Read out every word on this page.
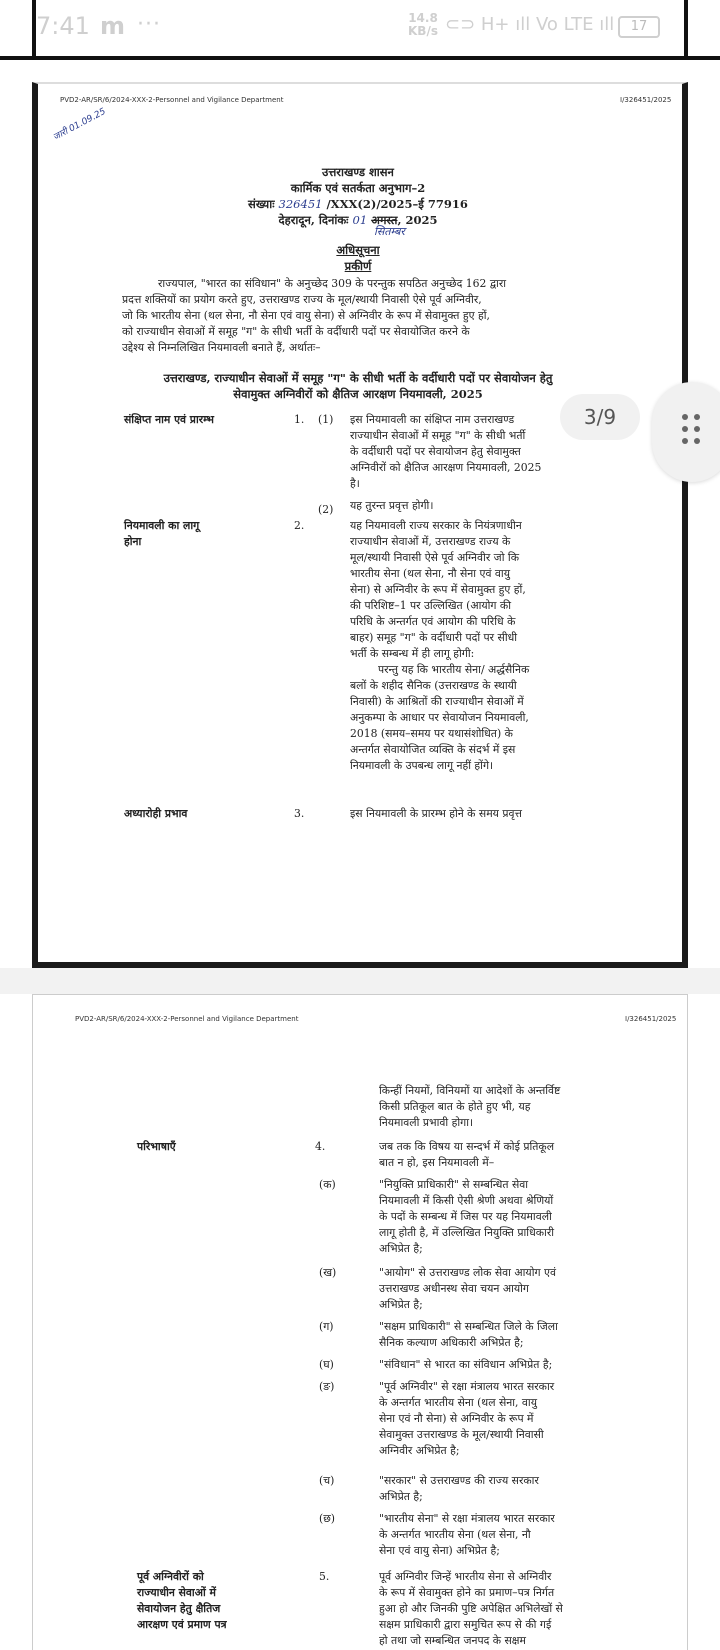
7:41 m ···	14.8
KB/s ⊂⊃ H+ ıll Vo LTE ıll	17
PVD2-AR/SR/6/2024-XXX-2-Personnel and Vigilance Department	I/326451/2025
जारी 01.09.25
उत्तराखण्ड शासन
कार्मिक एवं सतर्कता अनुभाग–2
संख्याः 326451 /XXX(2)/2025–ई 77916
देहरादून, दिनांकः 01 अगस्त, 2025
सितम्बर
अधिसूचना
प्रकीर्ण
राज्यपाल, "भारत का संविधान" के अनुच्छेद 309 के परन्तुक सपठित अनुच्छेद 162 द्वारा
प्रदत्त शक्तियों का प्रयोग करते हुए, उत्तराखण्ड राज्य के मूल/स्थायी निवासी ऐसे पूर्व अग्निवीर,
जो कि भारतीय सेना (थल सेना, नौ सेना एवं वायु सेना) से अग्निवीर के रूप में सेवामुक्त हुए हों,
को राज्याधीन सेवाओं में समूह "ग" के सीधी भर्ती के वर्दीधारी पदों पर सेवायोजित करने के
उद्देश्य से निम्नलिखित नियमावली बनाते हैं, अर्थातः–
उत्तराखण्ड, राज्याधीन सेवाओं में समूह "ग" के सीधी भर्ती के वर्दीधारी पदों पर सेवायोजन हेतु
सेवामुक्त अग्निवीरों को क्षैतिज आरक्षण नियमावली, 2025
संक्षिप्त नाम एवं प्रारम्भ	1. (1) इस नियमावली का संक्षिप्त नाम उत्तराखण्ड
राज्याधीन सेवाओं में समूह "ग" के सीधी भर्ती
के वर्दीधारी पदों पर सेवायोजन हेतु सेवामुक्त
अग्निवीरों को क्षैतिज आरक्षण नियमावली, 2025
है।
(2) यह तुरन्त प्रवृत्त होगी।
नियमावली का लागू
होना
2.	यह नियमावली राज्य सरकार के नियंत्रणाधीन
राज्याधीन सेवाओं में, उत्तराखण्ड राज्य के
मूल/स्थायी निवासी ऐसे पूर्व अग्निवीर जो कि
भारतीय सेना (थल सेना, नौ सेना एवं वायु
सेना) से अग्निवीर के रूप में सेवामुक्त हुए हों,
की परिशिष्ट–1 पर उल्लिखित (आयोग की
परिधि के अन्तर्गत एवं आयोग की परिधि के
बाहर) समूह "ग" के वर्दीधारी पदों पर सीधी
भर्ती के सम्बन्ध में ही लागू होगी:
परन्तु यह कि भारतीय सेना/ अर्द्धसैनिक
बलों के शहीद सैनिक (उत्तराखण्ड के स्थायी
निवासी) के आश्रितों की राज्याधीन सेवाओं में
अनुकम्पा के आधार पर सेवायोजन नियमावली,
2018 (समय–समय पर यथासंशोधित) के
अन्तर्गत सेवायोजित व्यक्ति के संदर्भ में इस
नियमावली के उपबन्ध लागू नहीं होंगे।
अध्यारोही प्रभाव	3.	इस नियमावली के प्रारम्भ होने के समय प्रवृत्त
PVD2-AR/SR/6/2024-XXX-2-Personnel and Vigilance Department	I/326451/2025
किन्हीं नियमों, विनियमों या आदेशों के अन्तर्विष्ट
किसी प्रतिकूल बात के होते हुए भी, यह
नियमावली प्रभावी होगा।
परिभाषाएँ	4.	जब तक कि विषय या सन्दर्भ में कोई प्रतिकूल
बात न हो, इस नियमावली में–
(क)	"नियुक्ति प्राधिकारी" से सम्बन्धित सेवा
नियमावली में किसी ऐसी श्रेणी अथवा श्रेणियों
के पदों के सम्बन्ध में जिस पर यह नियमावली
लागू होती है, में उल्लिखित नियुक्ति प्राधिकारी
अभिप्रेत है;
(ख)	"आयोग" से उत्तराखण्ड लोक सेवा आयोग एवं
उत्तराखण्ड अधीनस्थ सेवा चयन आयोग
अभिप्रेत है;
(ग)	"सक्षम प्राधिकारी" से सम्बन्धित जिले के जिला
सैनिक कल्याण अधिकारी अभिप्रेत है;
(घ)	"संविधान" से भारत का संविधान अभिप्रेत है;
(ङ)	"पूर्व अग्निवीर" से रक्षा मंत्रालय भारत सरकार
के अन्तर्गत भारतीय सेना (थल सेना, वायु
सेना एवं नौ सेना) से अग्निवीर के रूप में
सेवामुक्त उत्तराखण्ड के मूल/स्थायी निवासी
अग्निवीर अभिप्रेत है;
(च)	"सरकार" से उत्तराखण्ड की राज्य सरकार
अभिप्रेत है;
(छ)	"भारतीय सेना" से रक्षा मंत्रालय भारत सरकार
के अन्तर्गत भारतीय सेना (थल सेना, नौ
सेना एवं वायु सेना) अभिप्रेत है;
पूर्व अग्निवीरों को
राज्याधीन सेवाओं में
सेवायोजन हेतु क्षैतिज
आरक्षण एवं प्रमाण पत्र
5.	पूर्व अग्निवीर जिन्हें भारतीय सेना से अग्निवीर
के रूप में सेवामुक्त होने का प्रमाण–पत्र निर्गत
हुआ हो और जिनकी पुष्टि अपेक्षित अभिलेखों से
सक्षम प्राधिकारी द्वारा समुचित रूप से की गई
हो तथा जो सम्बन्धित जनपद के सक्षम
3/9
